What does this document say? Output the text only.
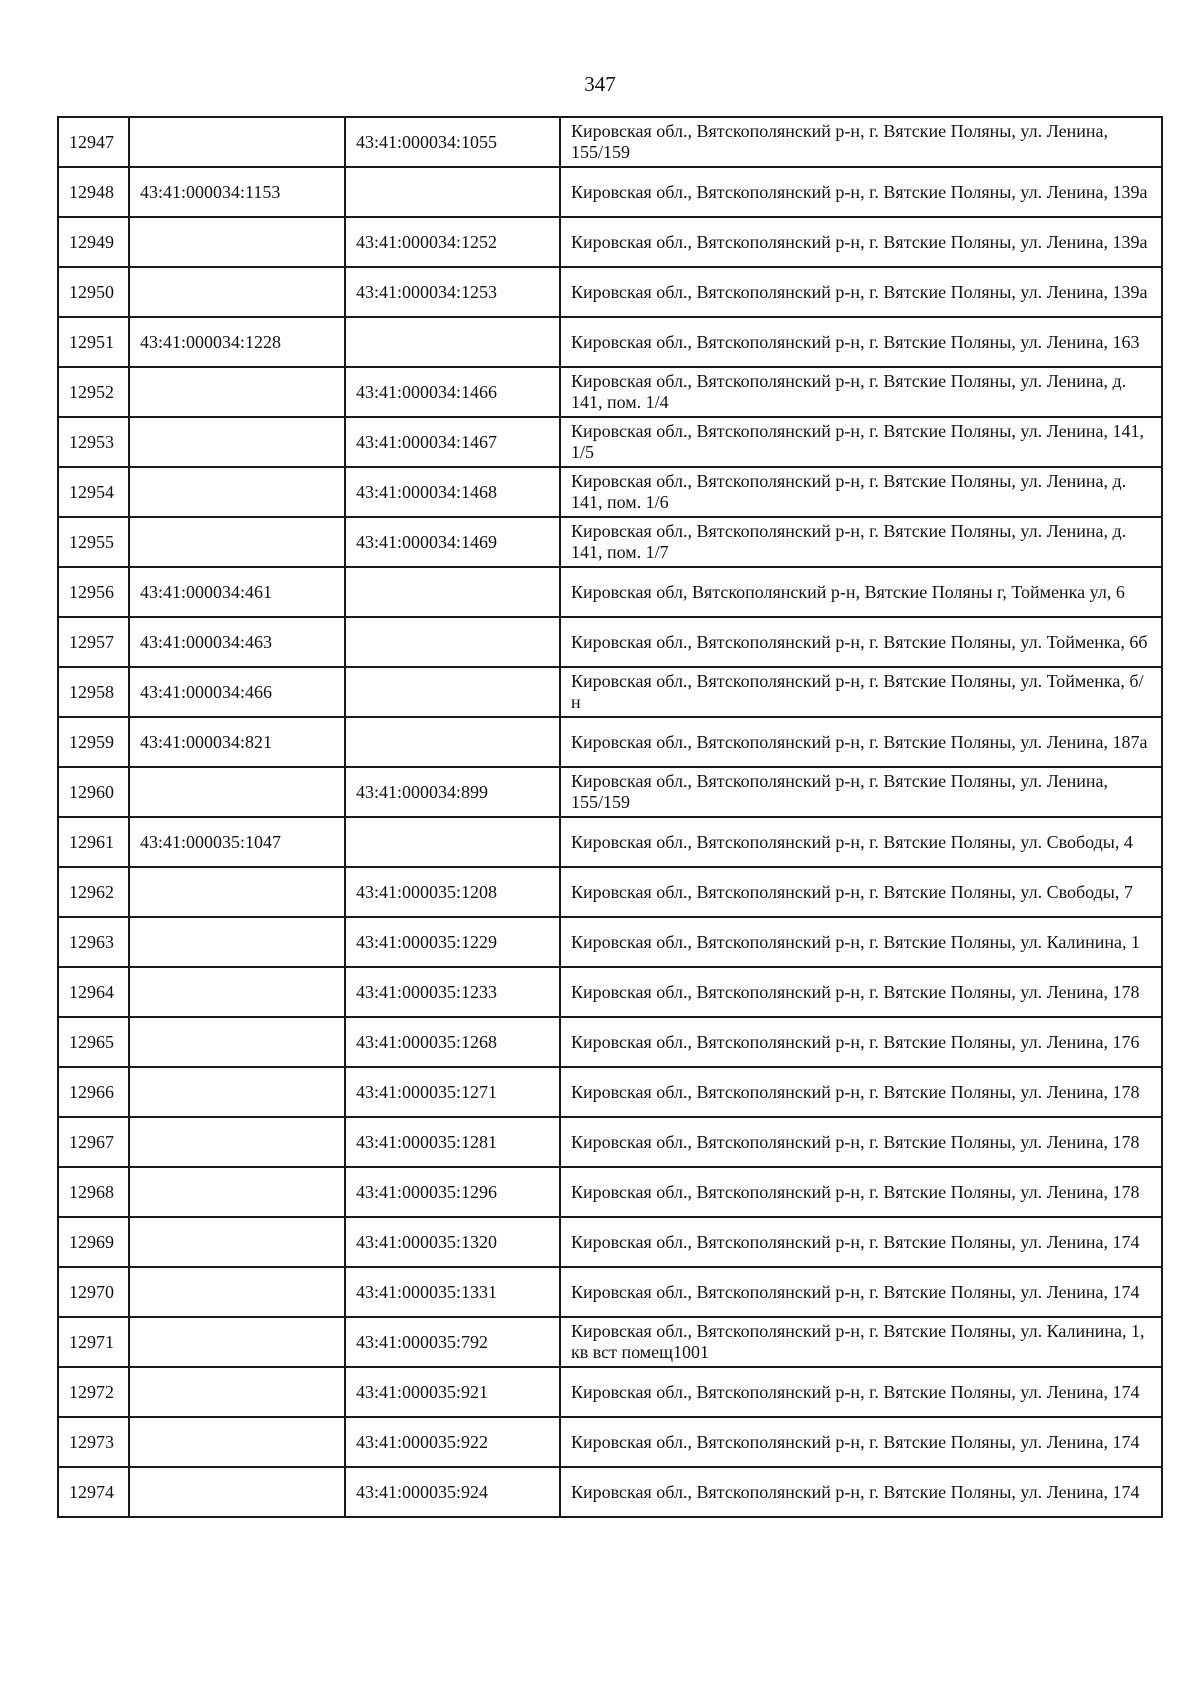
347
12947		43:41:000034:1055	Кировская обл., Вятскополянский р-н, г. Вятские Поляны, ул. Ленина, 155/159
12948	43:41:000034:1153		Кировская обл., Вятскополянский р-н, г. Вятские Поляны, ул. Ленина, 139а
12949		43:41:000034:1252	Кировская обл., Вятскополянский р-н, г. Вятские Поляны, ул. Ленина, 139а
12950		43:41:000034:1253	Кировская обл., Вятскополянский р-н, г. Вятские Поляны, ул. Ленина, 139а
12951	43:41:000034:1228		Кировская обл., Вятскополянский р-н, г. Вятские Поляны, ул. Ленина, 163
12952		43:41:000034:1466	Кировская обл., Вятскополянский р-н, г. Вятские Поляны, ул. Ленина, д. 141, пом. 1/4
12953		43:41:000034:1467	Кировская обл., Вятскополянский р-н, г. Вятские Поляны, ул. Ленина, 141, 1/5
12954		43:41:000034:1468	Кировская обл., Вятскополянский р-н, г. Вятские Поляны, ул. Ленина, д. 141, пом. 1/6
12955		43:41:000034:1469	Кировская обл., Вятскополянский р-н, г. Вятские Поляны, ул. Ленина, д. 141, пом. 1/7
12956	43:41:000034:461		Кировская обл, Вятскополянский р-н, Вятские Поляны г, Тойменка ул, 6
12957	43:41:000034:463		Кировская обл., Вятскополянский р-н, г. Вятские Поляны, ул. Тойменка, 6б
12958	43:41:000034:466		Кировская обл., Вятскополянский р-н, г. Вятские Поляны, ул. Тойменка, б/н
12959	43:41:000034:821		Кировская обл., Вятскополянский р-н, г. Вятские Поляны, ул. Ленина, 187а
12960		43:41:000034:899	Кировская обл., Вятскополянский р-н, г. Вятские Поляны, ул. Ленина, 155/159
12961	43:41:000035:1047		Кировская обл., Вятскополянский р-н, г. Вятские Поляны, ул. Свободы, 4
12962		43:41:000035:1208	Кировская обл., Вятскополянский р-н, г. Вятские Поляны, ул. Свободы, 7
12963		43:41:000035:1229	Кировская обл., Вятскополянский р-н, г. Вятские Поляны, ул. Калинина, 1
12964		43:41:000035:1233	Кировская обл., Вятскополянский р-н, г. Вятские Поляны, ул. Ленина, 178
12965		43:41:000035:1268	Кировская обл., Вятскополянский р-н, г. Вятские Поляны, ул. Ленина, 176
12966		43:41:000035:1271	Кировская обл., Вятскополянский р-н, г. Вятские Поляны, ул. Ленина, 178
12967		43:41:000035:1281	Кировская обл., Вятскополянский р-н, г. Вятские Поляны, ул. Ленина, 178
12968		43:41:000035:1296	Кировская обл., Вятскополянский р-н, г. Вятские Поляны, ул. Ленина, 178
12969		43:41:000035:1320	Кировская обл., Вятскополянский р-н, г. Вятские Поляны, ул. Ленина, 174
12970		43:41:000035:1331	Кировская обл., Вятскополянский р-н, г. Вятские Поляны, ул. Ленина, 174
12971		43:41:000035:792	Кировская обл., Вятскополянский р-н, г. Вятские Поляны, ул. Калинина, 1, кв вст помещ1001
12972		43:41:000035:921	Кировская обл., Вятскополянский р-н, г. Вятские Поляны, ул. Ленина, 174
12973		43:41:000035:922	Кировская обл., Вятскополянский р-н, г. Вятские Поляны, ул. Ленина, 174
12974		43:41:000035:924	Кировская обл., Вятскополянский р-н, г. Вятские Поляны, ул. Ленина, 174
